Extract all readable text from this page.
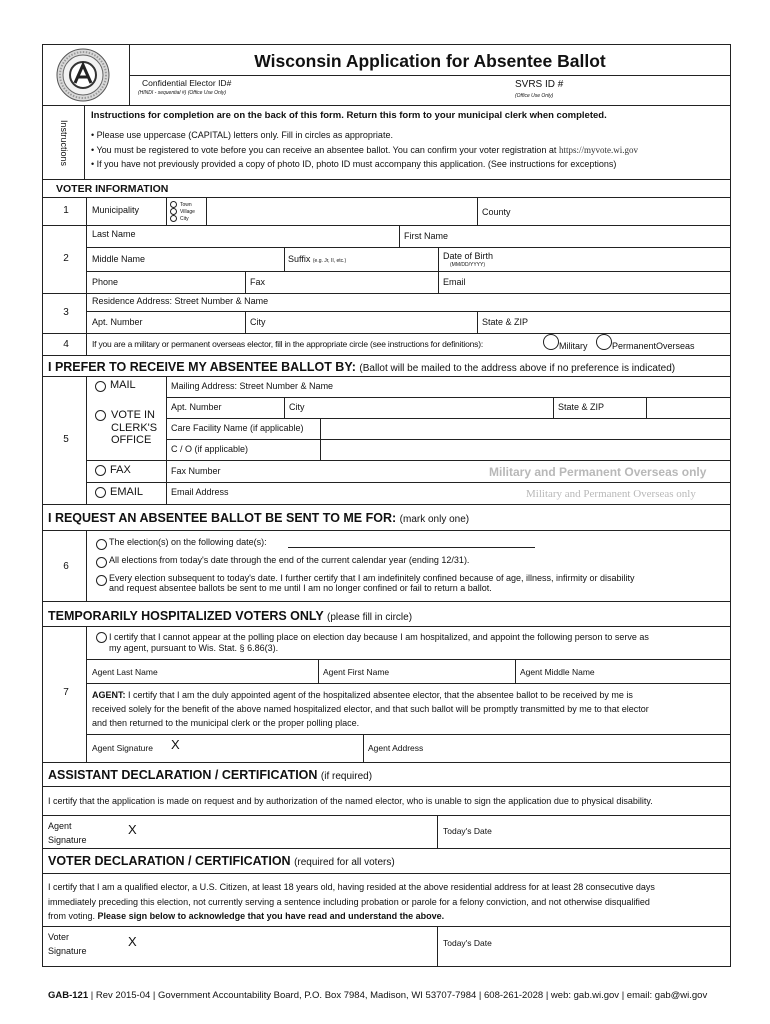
Wisconsin Application for Absentee Ballot
Confidential Elector ID#
(HINDI - sequential #) (Office Use Only)
SVRS ID #
(Office Use Only)
Instructions
Instructions for completion are on the back of this form. Return this form to your municipal clerk when completed.
• Please use uppercase (CAPITAL) letters only. Fill in circles as appropriate.
• You must be registered to vote before you can receive an absentee ballot. You can confirm your voter registration at https://myvote.wi.gov
• If you have not previously provided a copy of photo ID, photo ID must accompany this application. (See instructions for exceptions)
VOTER INFORMATION
1	Municipality	Town
Village
City
County
Last Name	First Name
2	Middle Name	Suffix (e.g. Jr, II, etc.)	Date of Birth
(MM/DD/YYYY)
Phone	Fax	Email
3
Residence Address: Street Number & Name
Apt. Number	City	State & ZIP
4	If you are a military or permanent overseas elector, fill in the appropriate circle (see instructions for definitions):	Military	PermanentOverseas
I PREFER TO RECEIVE MY ABSENTEE BALLOT BY: (Ballot will be mailed to the address above if no preference is indicated)
5
MAIL	Mailing Address: Street Number & Name
Apt. Number	City	State & ZIP
VOTE IN
CLERK'S
OFFICE
Care Facility Name (if applicable)
C / O (if applicable)
FAX	Fax Number	Military and Permanent Overseas only
EMAIL	Email Address	Military and Permanent Overseas only
I REQUEST AN ABSENTEE BALLOT BE SENT TO ME FOR: (mark only one)
6
The election(s) on the following date(s):
All elections from today's date through the end of the current calendar year (ending 12/31).
Every election subsequent to today's date. I further certify that I am indefinitely confined because of age, illness, infirmity or disability
and request absentee ballots be sent to me until I am no longer confined or fail to return a ballot.
TEMPORARILY HOSPITALIZED VOTERS ONLY (please fill in circle)
7
I certify that I cannot appear at the polling place on election day because I am hospitalized, and appoint the following person to serve as
my agent, pursuant to Wis. Stat. § 6.86(3).
Agent Last Name	Agent First Name	Agent Middle Name
AGENT: I certify that I am the duly appointed agent of the hospitalized absentee elector, that the absentee ballot to be received by me is
received solely for the benefit of the above named hospitalized elector, and that such ballot will be promptly transmitted by me to that elector
and then returned to the municipal clerk or the proper polling place.
Agent Signature X	Agent Address
ASSISTANT DECLARATION / CERTIFICATION (if required)
I certify that the application is made on request and by authorization of the named elector, who is unable to sign the application due to physical disability.
Agent
Signature
X	Today's Date
VOTER DECLARATION / CERTIFICATION (required for all voters)
I certify that I am a qualified elector, a U.S. Citizen, at least 18 years old, having resided at the above residential address for at least 28 consecutive days
immediately preceding this election, not currently serving a sentence including probation or parole for a felony conviction, and not otherwise disqualified
from voting. Please sign below to acknowledge that you have read and understand the above.
Voter
Signature
X	Today's Date
GAB-121 | Rev 2015-04 | Government Accountability Board, P.O. Box 7984, Madison, WI 53707-7984 | 608-261-2028 | web: gab.wi.gov | email: gab@wi.gov
